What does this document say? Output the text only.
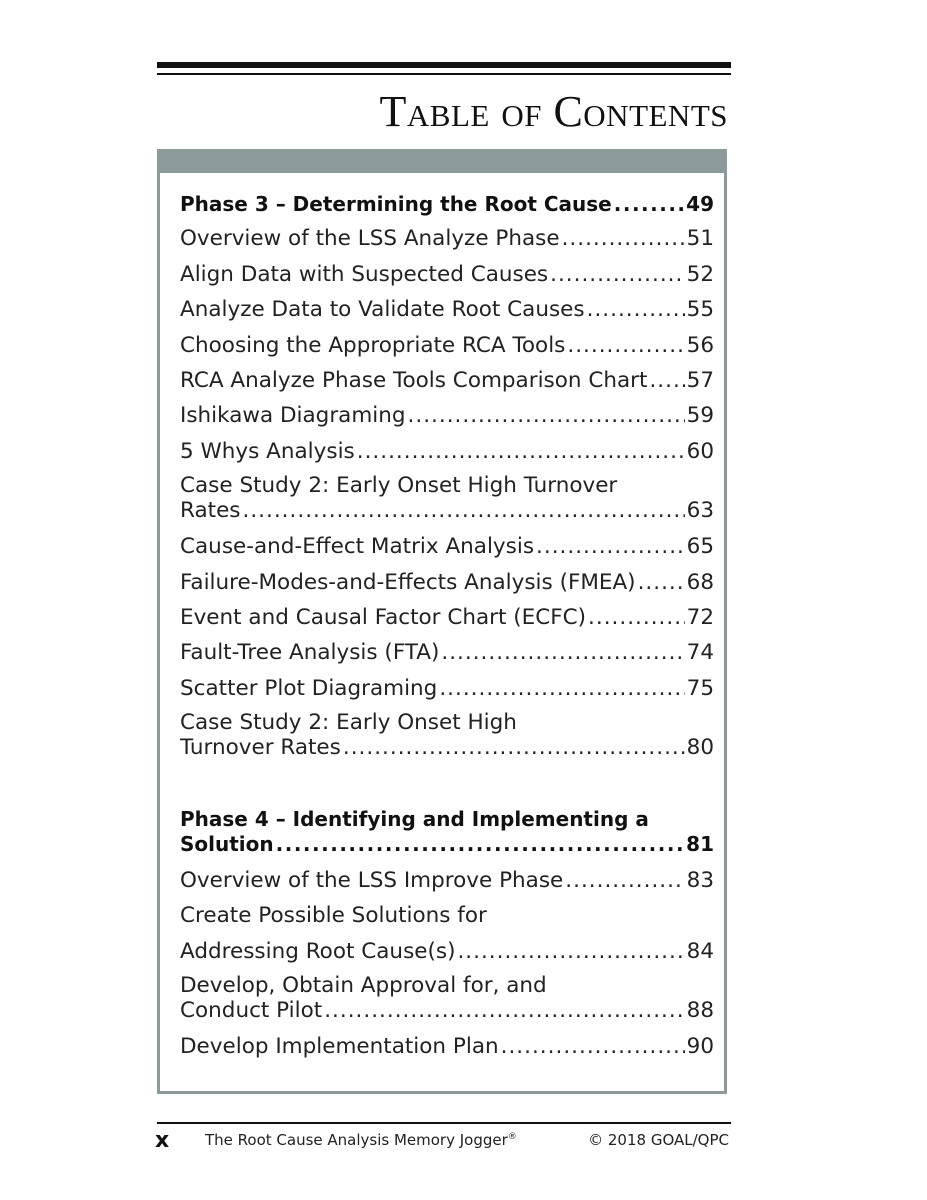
Table of Contents
Phase 3 – Determining the Root Cause .....	49
Overview of the LSS Analyze Phase .....	51
Align Data with Suspected Causes .....	52
Analyze Data to Validate Root Causes .....	55
Choosing the Appropriate RCA Tools .....	56
RCA Analyze Phase Tools Comparison Chart ..... 57
Ishikawa Diagraming .....	59
5 Whys Analysis .....	60
Case Study 2: Early Onset High Turnover
Rates .....	63
Cause-and-Effect Matrix Analysis .....	65
Failure-Modes-and-Effects Analysis (FMEA) ..... 68
Event and Causal Factor Chart (ECFC) .....	72
Fault-Tree Analysis (FTA) .....	74
Scatter Plot Diagraming .....	75
Case Study 2: Early Onset High
Turnover Rates .....	80
Phase 4 – Identifying and Implementing a
Solution .....	81
Overview of the LSS Improve Phase .....	83
Create Possible Solutions for
Addressing Root Cause(s) .....	84
Develop, Obtain Approval for, and
Conduct Pilot .....	88
Develop Implementation Plan .....	90
x The Root Cause Analysis Memory Jogger®	© 2018 GOAL/QPC
